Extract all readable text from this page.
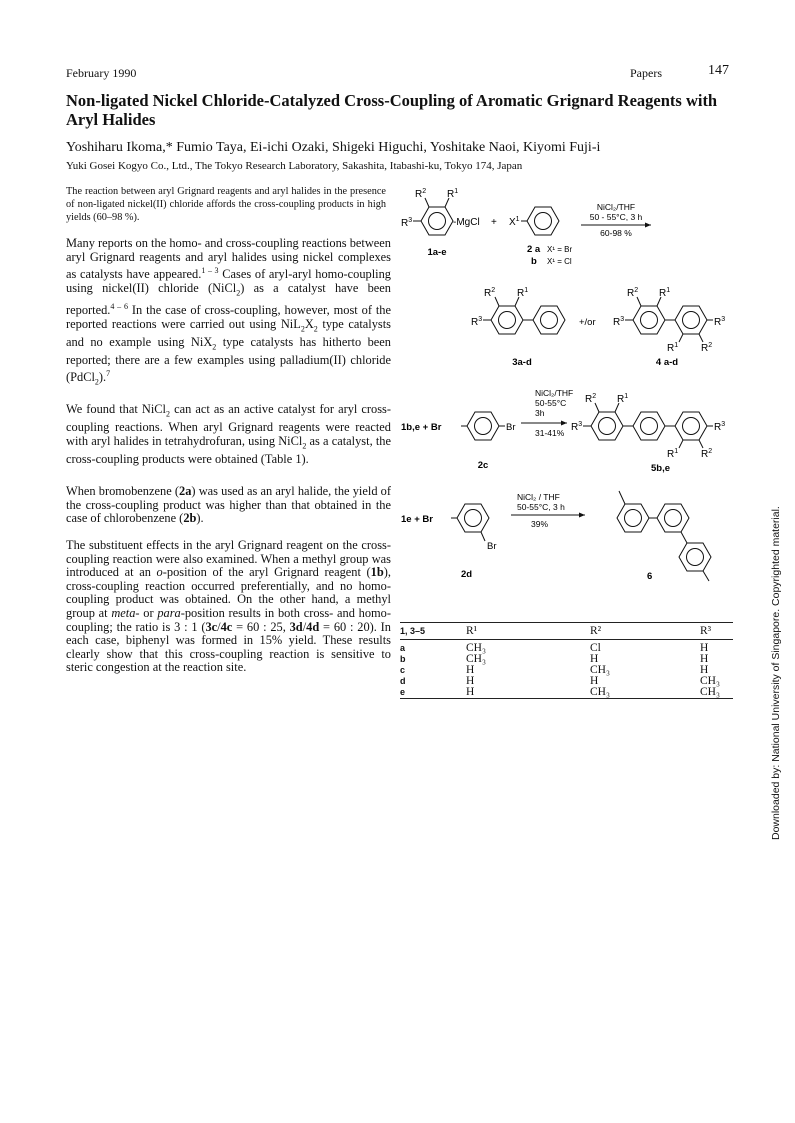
February 1990	Papers	147
Non-ligated Nickel Chloride-Catalyzed Cross-Coupling of Aromatic Grignard Reagents with Aryl Halides
Yoshiharu Ikoma,* Fumio Taya, Ei-ichi Ozaki, Shigeki Higuchi, Yoshitake Naoi, Kiyomi Fuji-i
Yuki Gosei Kogyo Co., Ltd., The Tokyo Research Laboratory, Sakashita, Itabashi-ku, Tokyo 174, Japan
The reaction between aryl Grignard reagents and aryl halides in the presence of non-ligated nickel(II) chloride affords the cross-coupling products in high yields (60–98 %).

Many reports on the homo- and cross-coupling reactions between aryl Grignard reagents and aryl halides using nickel complexes as catalysts have appeared.$^{1 - 3}$ Cases of aryl-aryl homo-coupling using nickel(II) chloride (NiCl$_2$) as a catalyst have been reported.$^{4 - 6}$ In the case of cross-coupling, however, most of the reported reactions were carried out using $NiL_2X_2$ type catalysts and no example using NiX$_2$ type catalysts has hitherto been reported; there are a few examples using palladium(II) chloride (PdCl$_2$).$^7$

We found that NiCl$_2$ can act as an active catalyst for aryl cross-coupling reactions. When aryl Grignard reagents were reacted with aryl halides in tetrahydrofuran, using NiCl$_2$ as a catalyst, the cross-coupling products were obtained (Table 1).

When bromobenzene (2a) was used as an aryl halide, the yield of the cross-coupling product was higher than that obtained in the case of chlorobenzene (2b).

The substituent effects in the aryl Grignard reagent on the cross-coupling reaction were also examined. When a methyl group was introduced at an o-position of the aryl Grignard reagent (1b), cross-coupling reaction occurred preferentially, and no homo-coupling product was obtained. On the other hand, a methyl group at meta- or para-position results in both cross- and homo-coupling; the ratio is 3 : 1 (3c/4c = 60 : 25, 3d/4d = 60 : 20). In each case, biphenyl was formed in 15% yield. These results clearly show that this cross-coupling reaction is sensitive to steric congestion at the reaction site.

$R^2$ $R^1$
$R^3$	-MgCl + $X^1$
NiCl₂/THF
50 - 55°C, 3 h
60-98 %
1a-e	2 a X¹ = Br
b X¹ = Cl
$R^2$ $R^1$
$R^3$	+/or
3a-d
$R^2$ $R^1$
$R^3$	$R^3$
$R^1$ $R^2$
4 a-d
1b,e + Br	Br
NiCl₂/THF
50-55°C
3h
31-41%
2c
$R^3$
$R^2$ $R^1$
$R^3$
$R^1$ $R^2$
5b,e
1e + Br
Br
NiCl₂ / THF
50-55°C, 3 h
39%
2d	6
1, 3–5	R¹	R²	R³
a	CH₃	Cl	H
b	CH₃	H	H
c	H	CH₃	H
d	H	H	CH₃
e	H	CH₃	CH₃	Downloaded by: National University of Singapore. Copyrighted material.
